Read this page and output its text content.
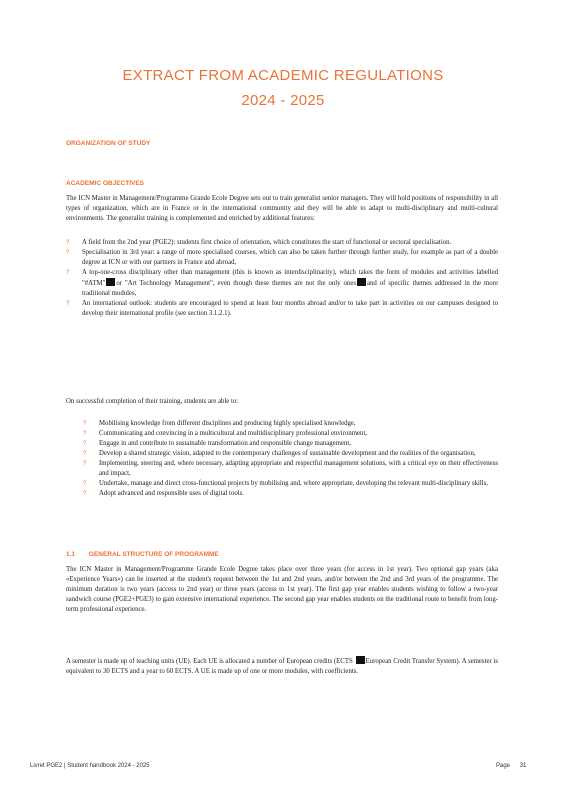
EXTRACT FROM ACADEMIC REGULATIONS
2024 - 2025
ORGANIZATION OF STUDY
ACADEMIC OBJECTIVES

The ICN Master in Management/Programme Grande Ecole Degree sets out to train generalist senior managers. They will hold positions of responsibility in all types of organization, which are in France or in the international community and they will be able to adapt to multi-disciplinary and multi-cultural environments. The generalist training is complemented and enriched by additional features:

? A field from the 2nd year (PGE2): students first choice of orientation, which constitutes the start of functional or sectoral specialisation.
? Specialisation in 3rd year: a range of more specialised courses, which can also be taken further through further study, for example as part of a double degree at ICN or with our partners in France and abroad,
? A top-one-cross disciplinary other than management (this is known as interdisciplinarity), which takes the form of modules and activities labelled "#ATM" or "Art Technology Management", even though these themes are not the only ones and of specific themes addressed in the more traditional modules,
? An international outlook: students are encouraged to spend at least four months abroad and/or to take part in activities on our campuses designed to develop their international profile (see section 3.1.2.1).

On successful completion of their training, students are able to:

? Mobilising knowledge from different disciplines and producing highly specialised knowledge,
? Communicating and convincing in a multicultural and multidisciplinary professional environment,
? Engage in and contribute to sustainable transformation and responsible change management,
? Develop a shared strategic vision, adapted to the contemporary challenges of sustainable development and the realities of the organisation,
? Implementing, steering and, where necessary, adapting appropriate and respectful management solutions, with a critical eye on their effectiveness and impact,
? Undertake, manage and direct cross-functional projects by mobilising and, where appropriate, developing the relevant multi-disciplinary skills,
? Adopt advanced and responsible uses of digital tools.
1.1 GENERAL STRUCTURE OF PROGRAMME

The ICN Master in Management/Programme Grande Ecole Degree takes place over three years (for access in 1st year). Two optional gap years (aka «Experience Years») can be inserted at the student's request between the 1st and 2nd years, and/or between the 2nd and 3rd years of the programme. The minimum duration is two years (access to 2nd year) or three years (access to 1st year). The first gap year enables students wishing to follow a two-year sandwich course (PGE2+PGE3) to gain extensive international experience. The second gap year enables students on the traditional route to benefit from long-term professional experience.

A semester is made up of teaching units (UE). Each UE is allocated a number of European credits (ECTS European Credit Transfer System). A semester is equivalent to 30 ECTS and a year to 60 ECTS. A UE is made up of one or more modules, with coefficients.

Livret PGE2 | Student handbook 2024 - 2025	Page 31
